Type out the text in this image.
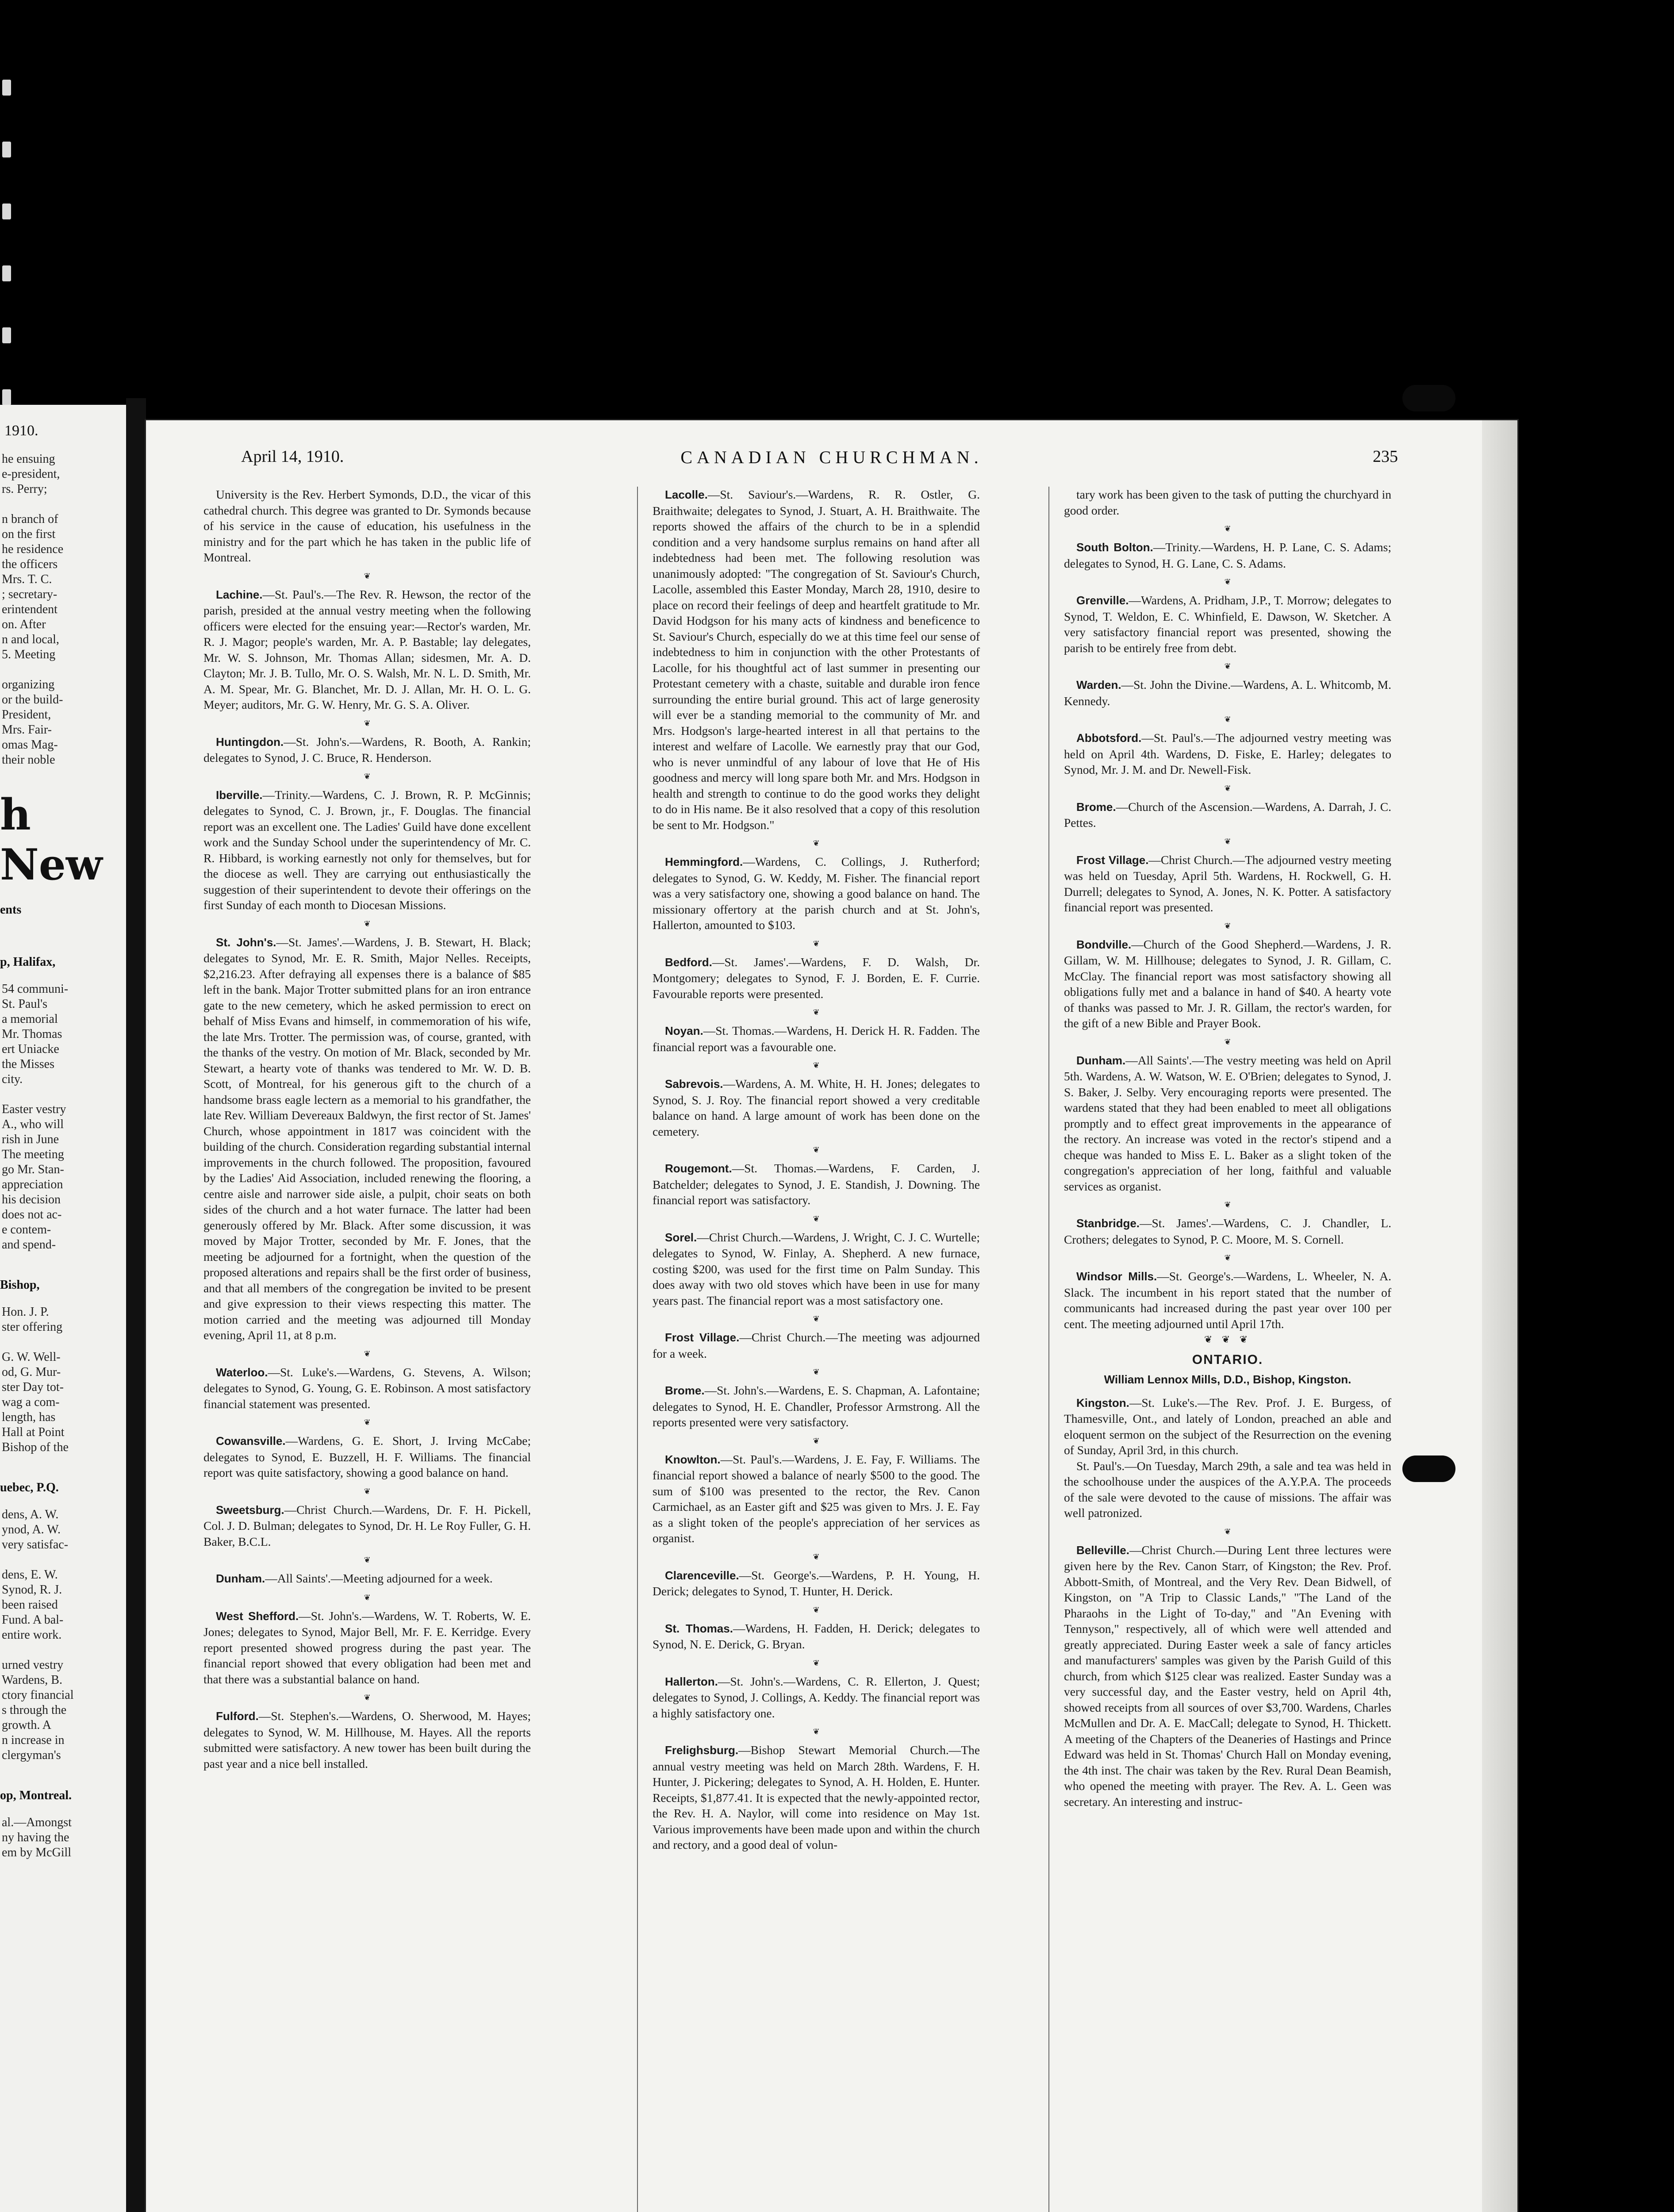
1910.
he ensuing
e-president,
rs. Perry;

n branch of
on the first
he residence
the officers
Mrs. T. C.
; secretary-
erintendent
on. After
n and local,
5. Meeting

organizing
or the build-
President,
Mrs. Fair-
omas Mag-
their noble
h New
ents
p, Halifax,
54 communi-
St. Paul's
a memorial
Mr. Thomas
ert Uniacke
the Misses
city.

Easter vestry
A., who will
rish in June
The meeting
go Mr. Stan-
appreciation
his decision
does not ac-
e contem-
and spend-
Bishop,
Hon. J. P.
ster offering

G. W. Well-
od, G. Mur-
ster Day tot-
wag a com-
length, has
Hall at Point
Bishop of the
uebec, P.Q.
dens, A. W.
ynod, A. W.
very satisfac-

dens, E. W.
Synod, R. J.
been raised
Fund. A bal-
entire work.

urned vestry
Wardens, B.
ctory financial
s through the
growth. A
n increase in
clergyman's
op, Montreal.
al.—Amongst
ny having the
em by McGill
CANADIAN CHURCHMAN.
April 14, 1910.	235

University is the Rev. Herbert Symonds, D.D., the vicar of this cathedral church. This degree was granted to Dr. Symonds because of his service in the cause of education, his usefulness in the ministry and for the part which he has taken in the public life of Montreal.

❦

Lachine.—St. Paul's.—The Rev. R. Hewson, the rector of the parish, presided at the annual vestry meeting when the following officers were elected for the ensuing year:—Rector's warden, Mr. R. J. Magor; people's warden, Mr. A. P. Bastable; lay delegates, Mr. W. S. Johnson, Mr. Thomas Allan; sidesmen, Mr. A. D. Clayton; Mr. J. B. Tullo, Mr. O. S. Walsh, Mr. N. L. D. Smith, Mr. A. M. Spear, Mr. G. Blanchet, Mr. D. J. Allan, Mr. H. O. L. G. Meyer; auditors, Mr. G. W. Henry, Mr. G. S. A. Oliver.

❦

Huntingdon.—St. John's.—Wardens, R. Booth, A. Rankin; delegates to Synod, J. C. Bruce, R. Henderson.

❦

Iberville.—Trinity.—Wardens, C. J. Brown, R. P. McGinnis; delegates to Synod, C. J. Brown, jr., F. Douglas. The financial report was an excellent one. The Ladies' Guild have done excellent work and the Sunday School under the superintendency of Mr. C. R. Hibbard, is working earnestly not only for themselves, but for the diocese as well. They are carrying out enthusiastically the suggestion of their superintendent to devote their offerings on the first Sunday of each month to Diocesan Missions.

❦

St. John's.—St. James'.—Wardens, J. B. Stewart, H. Black; delegates to Synod, Mr. E. R. Smith, Major Nelles. Receipts, $2,216.23. After defraying all expenses there is a balance of $85 left in the bank. Major Trotter submitted plans for an iron entrance gate to the new cemetery, which he asked permission to erect on behalf of Miss Evans and himself, in commemoration of his wife, the late Mrs. Trotter. The permission was, of course, granted, with the thanks of the vestry. On motion of Mr. Black, seconded by Mr. Stewart, a hearty vote of thanks was tendered to Mr. W. D. B. Scott, of Montreal, for his generous gift to the church of a handsome brass eagle lectern as a memorial to his grandfather, the late Rev. William Devereaux Baldwyn, the first rector of St. James' Church, whose appointment in 1817 was coincident with the building of the church. Consideration regarding substantial internal improvements in the church followed. The proposition, favoured by the Ladies' Aid Association, included renewing the flooring, a centre aisle and narrower side aisle, a pulpit, choir seats on both sides of the church and a hot water furnace. The latter had been generously offered by Mr. Black. After some discussion, it was moved by Major Trotter, seconded by Mr. F. Jones, that the meeting be adjourned for a fortnight, when the question of the proposed alterations and repairs shall be the first order of business, and that all members of the congregation be invited to be present and give expression to their views respecting this matter. The motion carried and the meeting was adjourned till Monday evening, April 11, at 8 p.m.

❦

Waterloo.—St. Luke's.—Wardens, G. Stevens, A. Wilson; delegates to Synod, G. Young, G. E. Robinson. A most satisfactory financial statement was presented.

❦

Cowansville.—Wardens, G. E. Short, J. Irving McCabe; delegates to Synod, E. Buzzell, H. F. Williams. The financial report was quite satisfactory, showing a good balance on hand.

❦

Sweetsburg.—Christ Church.—Wardens, Dr. F. H. Pickell, Col. J. D. Bulman; delegates to Synod, Dr. H. Le Roy Fuller, G. H. Baker, B.C.L.

❦

Dunham.—All Saints'.—Meeting adjourned for a week.

❦

West Shefford.—St. John's.—Wardens, W. T. Roberts, W. E. Jones; delegates to Synod, Major Bell, Mr. F. E. Kerridge. Every report presented showed progress during the past year. The financial report showed that every obligation had been met and that there was a substantial balance on hand.

❦

Fulford.—St. Stephen's.—Wardens, O. Sherwood, M. Hayes; delegates to Synod, W. M. Hillhouse, M. Hayes. All the reports submitted were satisfactory. A new tower has been built during the past year and a nice bell installed.

Lacolle.—St. Saviour's.—Wardens, R. R. Ostler, G. Braithwaite; delegates to Synod, J. Stuart, A. H. Braithwaite. The reports showed the affairs of the church to be in a splendid condition and a very handsome surplus remains on hand after all indebtedness had been met. The following resolution was unanimously adopted: "The congregation of St. Saviour's Church, Lacolle, assembled this Easter Monday, March 28, 1910, desire to place on record their feelings of deep and heartfelt gratitude to Mr. David Hodgson for his many acts of kindness and beneficence to St. Saviour's Church, especially do we at this time feel our sense of indebtedness to him in conjunction with the other Protestants of Lacolle, for his thoughtful act of last summer in presenting our Protestant cemetery with a chaste, suitable and durable iron fence surrounding the entire burial ground. This act of large generosity will ever be a standing memorial to the community of Mr. and Mrs. Hodgson's large-hearted interest in all that pertains to the interest and welfare of Lacolle. We earnestly pray that our God, who is never unmindful of any labour of love that He of His goodness and mercy will long spare both Mr. and Mrs. Hodgson in health and strength to continue to do the good works they delight to do in His name. Be it also resolved that a copy of this resolution be sent to Mr. Hodgson."

❦

Hemmingford.—Wardens, C. Collings, J. Rutherford; delegates to Synod, G. W. Keddy, M. Fisher. The financial report was a very satisfactory one, showing a good balance on hand. The missionary offertory at the parish church and at St. John's, Hallerton, amounted to $103.

❦

Bedford.—St. James'.—Wardens, F. D. Walsh, Dr. Montgomery; delegates to Synod, F. J. Borden, E. F. Currie. Favourable reports were presented.

❦

Noyan.—St. Thomas.—Wardens, H. Derick H. R. Fadden. The financial report was a favourable one.

❦

Sabrevois.—Wardens, A. M. White, H. H. Jones; delegates to Synod, S. J. Roy. The financial report showed a very creditable balance on hand. A large amount of work has been done on the cemetery.

❦

Rougemont.—St. Thomas.—Wardens, F. Carden, J. Batchelder; delegates to Synod, J. E. Standish, J. Downing. The financial report was satisfactory.

❦

Sorel.—Christ Church.—Wardens, J. Wright, C. J. C. Wurtelle; delegates to Synod, W. Finlay, A. Shepherd. A new furnace, costing $200, was used for the first time on Palm Sunday. This does away with two old stoves which have been in use for many years past. The financial report was a most satisfactory one.

❦

Frost Village.—Christ Church.—The meeting was adjourned for a week.

❦

Brome.—St. John's.—Wardens, E. S. Chapman, A. Lafontaine; delegates to Synod, H. E. Chandler, Professor Armstrong. All the reports presented were very satisfactory.

❦

Knowlton.—St. Paul's.—Wardens, J. E. Fay, F. Williams. The financial report showed a balance of nearly $500 to the good. The sum of $100 was presented to the rector, the Rev. Canon Carmichael, as an Easter gift and $25 was given to Mrs. J. E. Fay as a slight token of the people's appreciation of her services as organist.

❦

Clarenceville.—St. George's.—Wardens, P. H. Young, H. Derick; delegates to Synod, T. Hunter, H. Derick.

❦

St. Thomas.—Wardens, H. Fadden, H. Derick; delegates to Synod, N. E. Derick, G. Bryan.

❦

Hallerton.—St. John's.—Wardens, C. R. Ellerton, J. Quest; delegates to Synod, J. Collings, A. Keddy. The financial report was a highly satisfactory one.

❦

Frelighsburg.—Bishop Stewart Memorial Church.—The annual vestry meeting was held on March 28th. Wardens, F. H. Hunter, J. Pickering; delegates to Synod, A. H. Holden, E. Hunter. Receipts, $1,877.41. It is expected that the newly-appointed rector, the Rev. H. A. Naylor, will come into residence on May 1st. Various improvements have been made upon and within the church and rectory, and a good deal of volun-

tary work has been given to the task of putting the churchyard in good order.

❦

South Bolton.—Trinity.—Wardens, H. P. Lane, C. S. Adams; delegates to Synod, H. G. Lane, C. S. Adams.

❦

Grenville.—Wardens, A. Pridham, J.P., T. Morrow; delegates to Synod, T. Weldon, E. C. Whinfield, E. Dawson, W. Sketcher. A very satisfactory financial report was presented, showing the parish to be entirely free from debt.

❦

Warden.—St. John the Divine.—Wardens, A. L. Whitcomb, M. Kennedy.

❦

Abbotsford.—St. Paul's.—The adjourned vestry meeting was held on April 4th. Wardens, D. Fiske, E. Harley; delegates to Synod, Mr. J. M. and Dr. Newell-Fisk.

❦

Brome.—Church of the Ascension.—Wardens, A. Darrah, J. C. Pettes.

❦

Frost Village.—Christ Church.—The adjourned vestry meeting was held on Tuesday, April 5th. Wardens, H. Rockwell, G. H. Durrell; delegates to Synod, A. Jones, N. K. Potter. A satisfactory financial report was presented.

❦

Bondville.—Church of the Good Shepherd.—Wardens, J. R. Gillam, W. M. Hillhouse; delegates to Synod, J. R. Gillam, C. McClay. The financial report was most satisfactory showing all obligations fully met and a balance in hand of $40. A hearty vote of thanks was passed to Mr. J. R. Gillam, the rector's warden, for the gift of a new Bible and Prayer Book.

❦

Dunham.—All Saints'.—The vestry meeting was held on April 5th. Wardens, A. W. Watson, W. E. O'Brien; delegates to Synod, J. S. Baker, J. Selby. Very encouraging reports were presented. The wardens stated that they had been enabled to meet all obligations promptly and to effect great improvements in the appearance of the rectory. An increase was voted in the rector's stipend and a cheque was handed to Miss E. L. Baker as a slight token of the congregation's appreciation of her long, faithful and valuable services as organist.

❦

Stanbridge.—St. James'.—Wardens, C. J. Chandler, L. Crothers; delegates to Synod, P. C. Moore, M. S. Cornell.

❦

Windsor Mills.—St. George's.—Wardens, L. Wheeler, N. A. Slack. The incumbent in his report stated that the number of communicants had increased during the past year over 100 per cent. The meeting adjourned until April 17th.

❦ ❦ ❦
ONTARIO.
William Lennox Mills, D.D., Bishop, Kingston.

Kingston.—St. Luke's.—The Rev. Prof. J. E. Burgess, of Thamesville, Ont., and lately of London, preached an able and eloquent sermon on the subject of the Resurrection on the evening of Sunday, April 3rd, in this church.

St. Paul's.—On Tuesday, March 29th, a sale and tea was held in the schoolhouse under the auspices of the A.Y.P.A. The proceeds of the sale were devoted to the cause of missions. The affair was well patronized.

❦

Belleville.—Christ Church.—During Lent three lectures were given here by the Rev. Canon Starr, of Kingston; the Rev. Prof. Abbott-Smith, of Montreal, and the Very Rev. Dean Bidwell, of Kingston, on "A Trip to Classic Lands," "The Land of the Pharaohs in the Light of To-day," and "An Evening with Tennyson," respectively, all of which were well attended and greatly appreciated. During Easter week a sale of fancy articles and manufacturers' samples was given by the Parish Guild of this church, from which $125 clear was realized. Easter Sunday was a very successful day, and the Easter vestry, held on April 4th, showed receipts from all sources of over $3,700. Wardens, Charles McMullen and Dr. A. E. MacCall; delegate to Synod, H. Thickett. A meeting of the Chapters of the Deaneries of Hastings and Prince Edward was held in St. Thomas' Church Hall on Monday evening, the 4th inst. The chair was taken by the Rev. Rural Dean Beamish, who opened the meeting with prayer. The Rev. A. L. Geen was secretary. An interesting and instruc-
